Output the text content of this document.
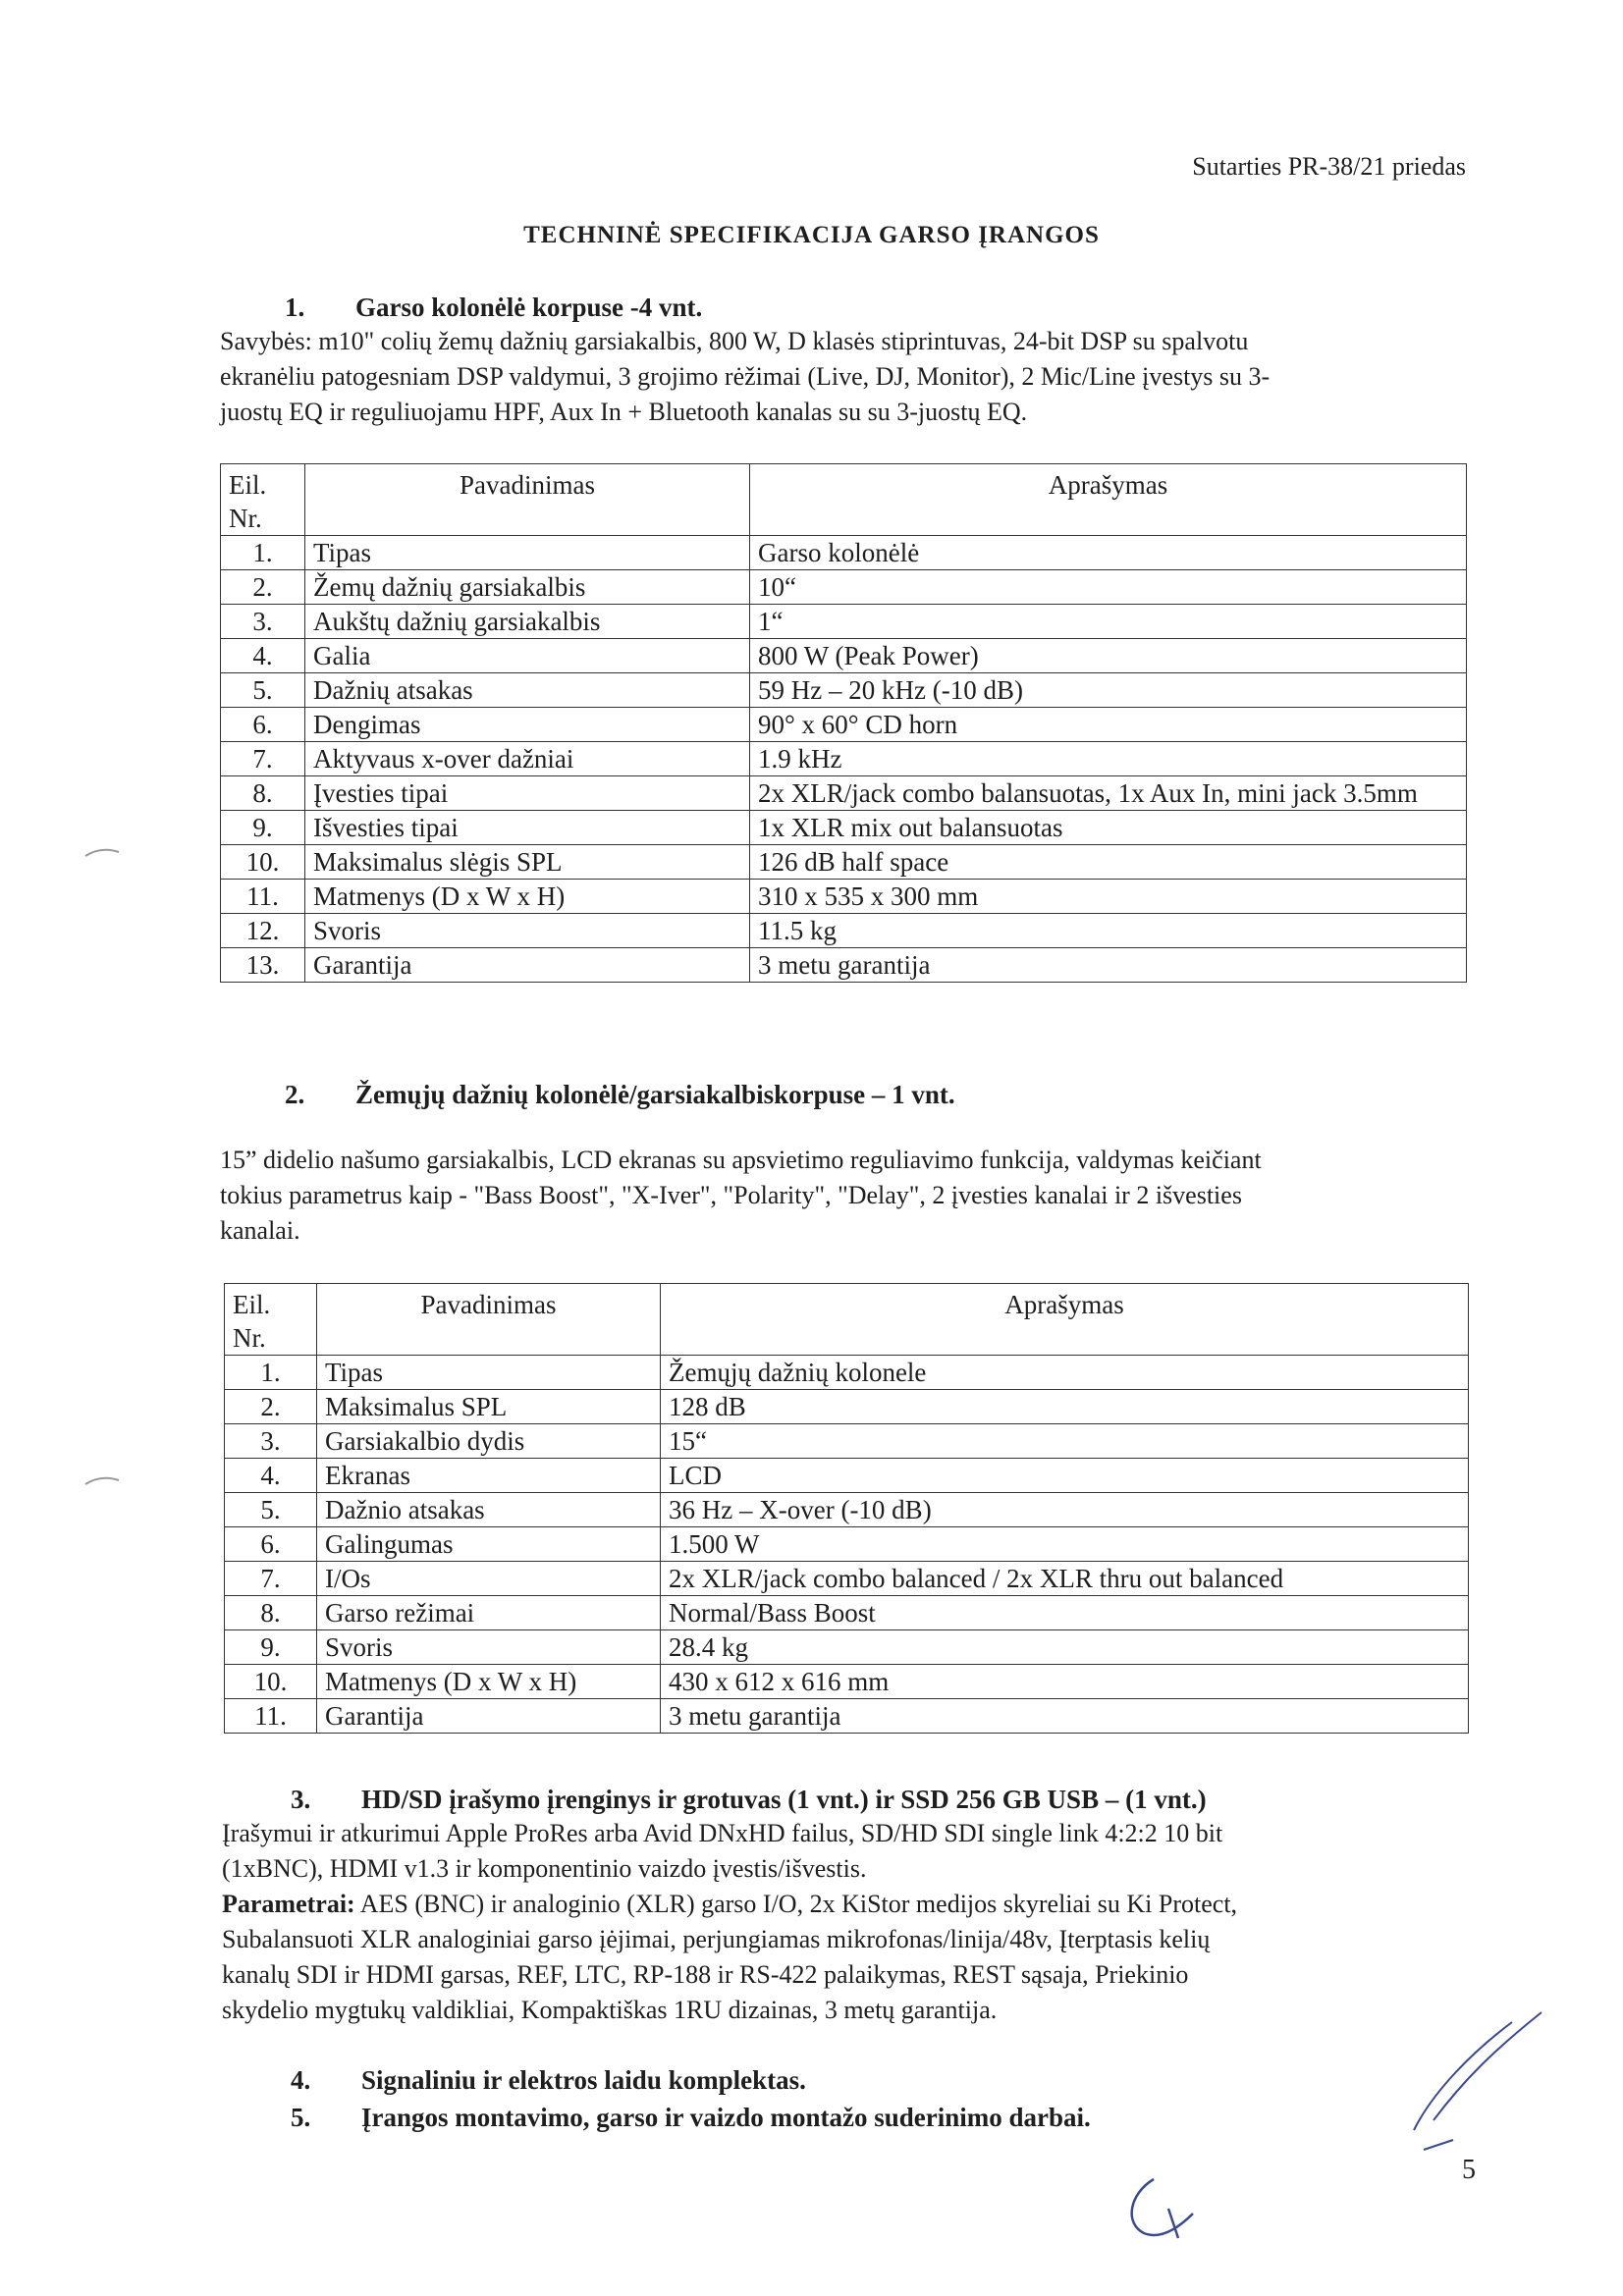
Sutarties PR-38/21 priedas
TECHNINĖ SPECIFIKACIJA GARSO ĮRANGOS
1. Garso kolonėlė korpuse -4 vnt.
Savybės: m10" colių žemų dažnių garsiakalbis, 800 W, D klasės stiprintuvas, 24-bit DSP su spalvotu
ekranėliu patogesniam DSP valdymui, 3 grojimo rėžimai (Live, DJ, Monitor), 2 Mic/Line įvestys su 3-
juostų EQ ir reguliuojamu HPF, Aux In + Bluetooth kanalas su su 3-juostų EQ.
Eil.
Nr.	Pavadinimas	Aprašymas
1.	Tipas	Garso kolonėlė
2.	Žemų dažnių garsiakalbis	10“
3.	Aukštų dažnių garsiakalbis	1“
4.	Galia	800 W (Peak Power)
5.	Dažnių atsakas	59 Hz – 20 kHz (-10 dB)
6.	Dengimas	90° x 60° CD horn
7.	Aktyvaus x-over dažniai	1.9 kHz
8.	Įvesties tipai	2x XLR/jack combo balansuotas, 1x Aux In, mini jack 3.5mm
9.	Išvesties tipai	1x XLR mix out balansuotas
10.	Maksimalus slėgis SPL	126 dB half space
11.	Matmenys (D x W x H)	310 x 535 x 300 mm
12.	Svoris	11.5 kg
13.	Garantija	3 metu garantija
2. Žemųjų dažnių kolonėlė/garsiakalbiskorpuse – 1 vnt.
15” didelio našumo garsiakalbis, LCD ekranas su apsvietimo reguliavimo funkcija, valdymas keičiant
tokius parametrus kaip - "Bass Boost", "X-Iver", "Polarity", "Delay", 2 įvesties kanalai ir 2 išvesties
kanalai.
Eil.
Nr.	Pavadinimas	Aprašymas
1.	Tipas	Žemųjų dažnių kolonele
2.	Maksimalus SPL	128 dB
3.	Garsiakalbio dydis	15“
4.	Ekranas	LCD
5.	Dažnio atsakas	36 Hz – X-over (-10 dB)
6.	Galingumas	1.500 W
7.	I/Os	2x XLR/jack combo balanced / 2x XLR thru out balanced
8.	Garso režimai	Normal/Bass Boost
9.	Svoris	28.4 kg
10.	Matmenys (D x W x H)	430 x 612 x 616 mm
11.	Garantija	3 metu garantija
3. HD/SD įrašymo įrenginys ir grotuvas (1 vnt.) ir SSD 256 GB USB – (1 vnt.)
Įrašymui ir atkurimui Apple ProRes arba Avid DNxHD failus, SD/HD SDI single link 4:2:2 10 bit
(1xBNC), HDMI v1.3 ir komponentinio vaizdo įvestis/išvestis.
Parametrai: AES (BNC) ir analoginio (XLR) garso I/O, 2x KiStor medijos skyreliai su Ki Protect,
Subalansuoti XLR analoginiai garso įėjimai, perjungiamas mikrofonas/linija/48v, Įterptasis kelių
kanalų SDI ir HDMI garsas, REF, LTC, RP-188 ir RS-422 palaikymas, REST sąsaja, Priekinio
skydelio mygtukų valdikliai, Kompaktiškas 1RU dizainas, 3 metų garantija.
4. Signaliniu ir elektros laidu komplektas.
5. Įrangos montavimo, garso ir vaizdo montažo suderinimo darbai.
5
